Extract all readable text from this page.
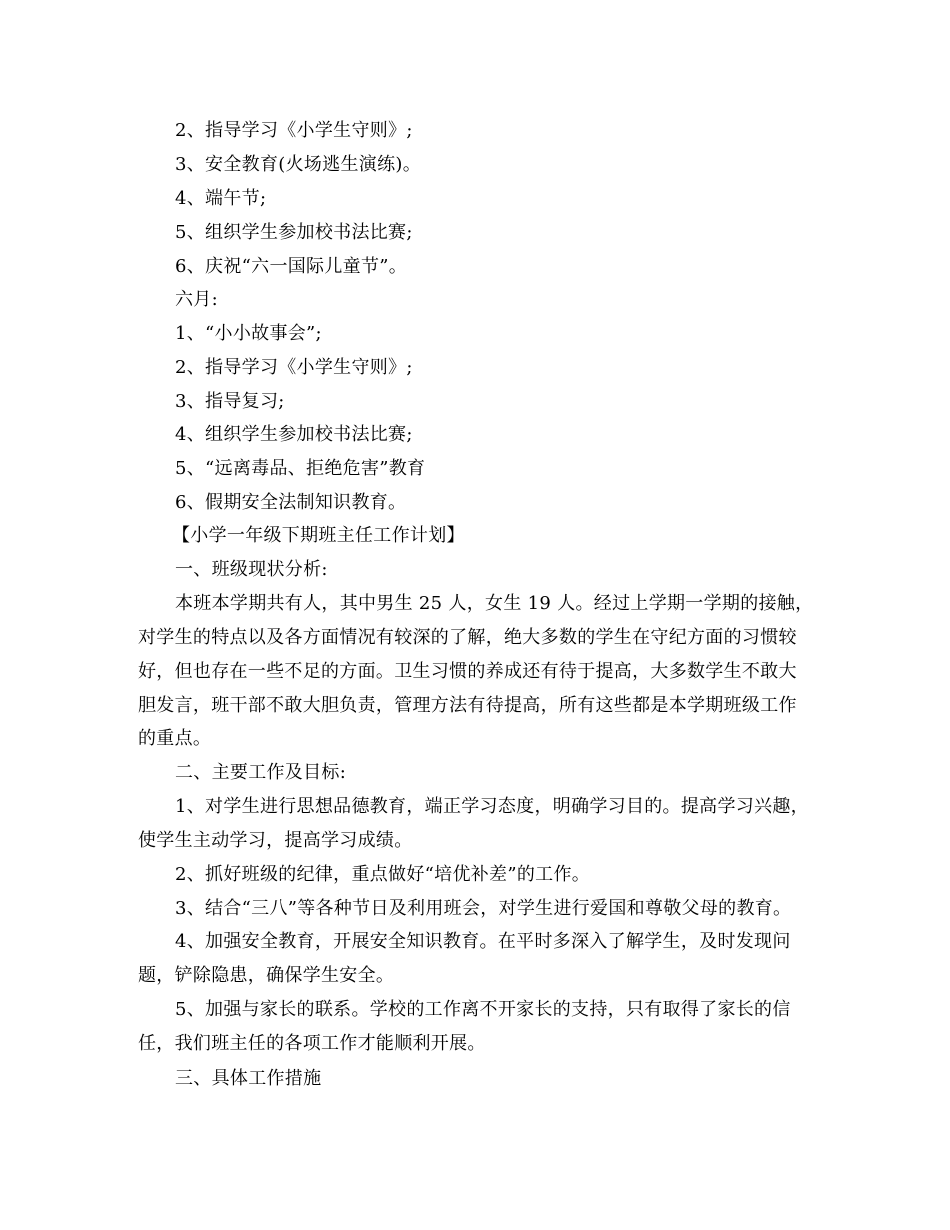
2、指导学习《小学生守则》;
3、安全教育(火场逃生演练)。
4、端午节;
5、组织学生参加校书法比赛;
6、庆祝“六一国际儿童节”。
六月:
1、“小小故事会”;
2、指导学习《小学生守则》;
3、指导复习;
4、组织学生参加校书法比赛;
5、“远离毒品、拒绝危害”教育
6、假期安全法制知识教育。
【小学一年级下期班主任工作计划】
一、班级现状分析:
本班本学期共有人，其中男生 25 人，女生 19 人。经过上学期一学期的接触，
对学生的特点以及各方面情况有较深的了解，绝大多数的学生在守纪方面的习惯较
好，但也存在一些不足的方面。卫生习惯的养成还有待于提高，大多数学生不敢大
胆发言，班干部不敢大胆负责，管理方法有待提高，所有这些都是本学期班级工作
的重点。
二、主要工作及目标:
1、对学生进行思想品德教育，端正学习态度，明确学习目的。提高学习兴趣，
使学生主动学习，提高学习成绩。
2、抓好班级的纪律，重点做好“培优补差”的工作。
3、结合“三八”等各种节日及利用班会，对学生进行爱国和尊敬父母的教育。
4、加强安全教育，开展安全知识教育。在平时多深入了解学生，及时发现问
题，铲除隐患，确保学生安全。
5、加强与家长的联系。学校的工作离不开家长的支持，只有取得了家长的信
任，我们班主任的各项工作才能顺利开展。
三、具体工作措施
